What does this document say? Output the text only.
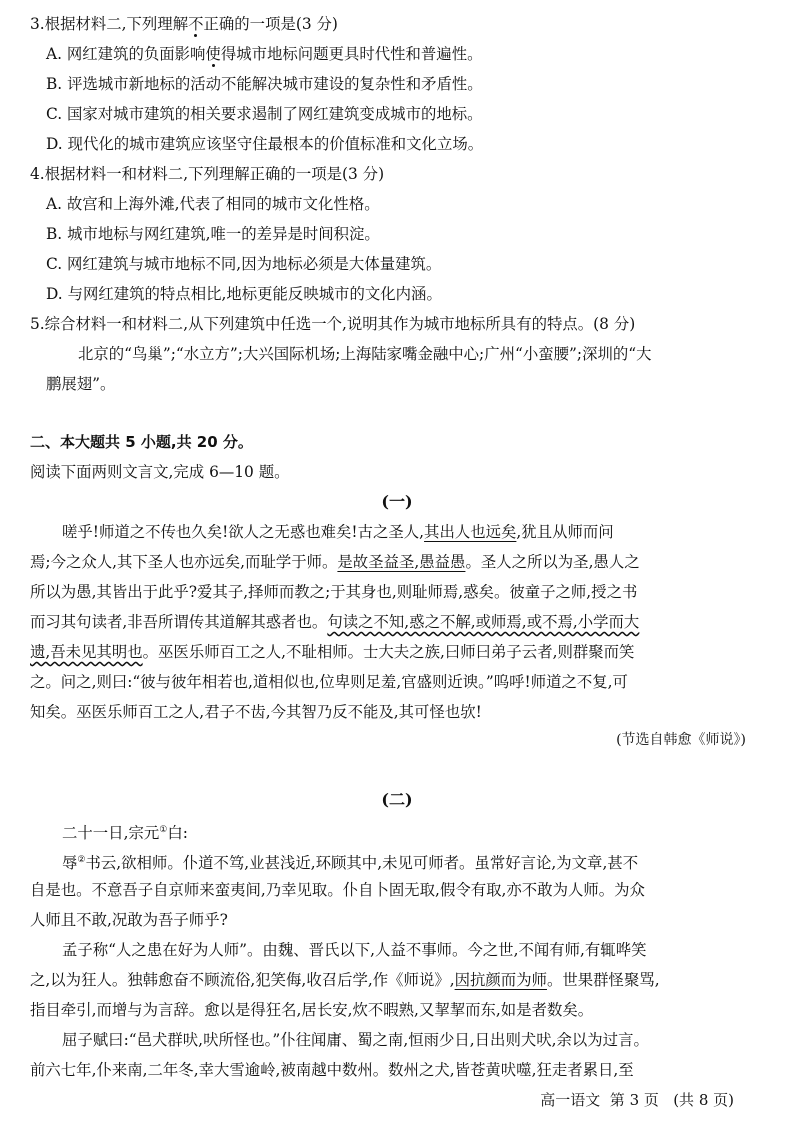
3.根据材料二,下列理解不正确的一项是(3 分)
A. 网红建筑的负面影响使得城市地标问题更具时代性和普遍性。
B. 评选城市新地标的活动不能解决城市建设的复杂性和矛盾性。
C. 国家对城市建筑的相关要求遏制了网红建筑变成城市的地标。
D. 现代化的城市建筑应该坚守住最根本的价值标准和文化立场。
4.根据材料一和材料二,下列理解正确的一项是(3 分)
A. 故宫和上海外滩,代表了相同的城市文化性格。
B. 城市地标与网红建筑,唯一的差异是时间积淀。
C. 网红建筑与城市地标不同,因为地标必须是大体量建筑。
D. 与网红建筑的特点相比,地标更能反映城市的文化内涵。
5.综合材料一和材料二,从下列建筑中任选一个,说明其作为城市地标所具有的特点。(8 分)
北京的“鸟巢”;“水立方”;大兴国际机场;上海陆家嘴金融中心;广州“小蛮腰”;深圳的“大
鹏展翅”。
二、本大题共 5 小题,共 20 分。
阅读下面两则文言文,完成 6—10 题。
(一)
嗟乎!师道之不传也久矣!欲人之无惑也难矣!古之圣人,其出人也远矣,犹且从师而问
焉;今之众人,其下圣人也亦远矣,而耻学于师。是故圣益圣,愚益愚。圣人之所以为圣,愚人之
所以为愚,其皆出于此乎?爱其子,择师而教之;于其身也,则耻师焉,惑矣。彼童子之师,授之书
而习其句读者,非吾所谓传其道解其惑者也。句读之不知,惑之不解,或师焉,或不焉,小学而大
遗,吾未见其明也。巫医乐师百工之人,不耻相师。士大夫之族,曰师曰弟子云者,则群聚而笑
之。问之,则曰:“彼与彼年相若也,道相似也,位卑则足羞,官盛则近谀。”呜呼!师道之不复,可
知矣。巫医乐师百工之人,君子不齿,今其智乃反不能及,其可怪也欤!
(节选自韩愈《师说》)
(二)
二十一日,宗元①白:
辱②书云,欲相师。仆道不笃,业甚浅近,环顾其中,未见可师者。虽常好言论,为文章,甚不
自是也。不意吾子自京师来蛮夷间,乃幸见取。仆自卜固无取,假令有取,亦不敢为人师。为众
人师且不敢,况敢为吾子师乎?
孟子称“人之患在好为人师”。由魏、晋氏以下,人益不事师。今之世,不闻有师,有辄哗笑
之,以为狂人。独韩愈奋不顾流俗,犯笑侮,收召后学,作《师说》,因抗颜而为师。世果群怪聚骂,
指目牵引,而增与为言辞。愈以是得狂名,居长安,炊不暇熟,又挈挈而东,如是者数矣。
屈子赋曰:“邑犬群吠,吠所怪也。”仆往闻庸、蜀之南,恒雨少日,日出则犬吠,余以为过言。
前六七年,仆来南,二年冬,幸大雪逾岭,被南越中数州。数州之犬,皆苍黄吠噬,狂走者累日,至
高一语文 第 3 页 (共 8 页)
